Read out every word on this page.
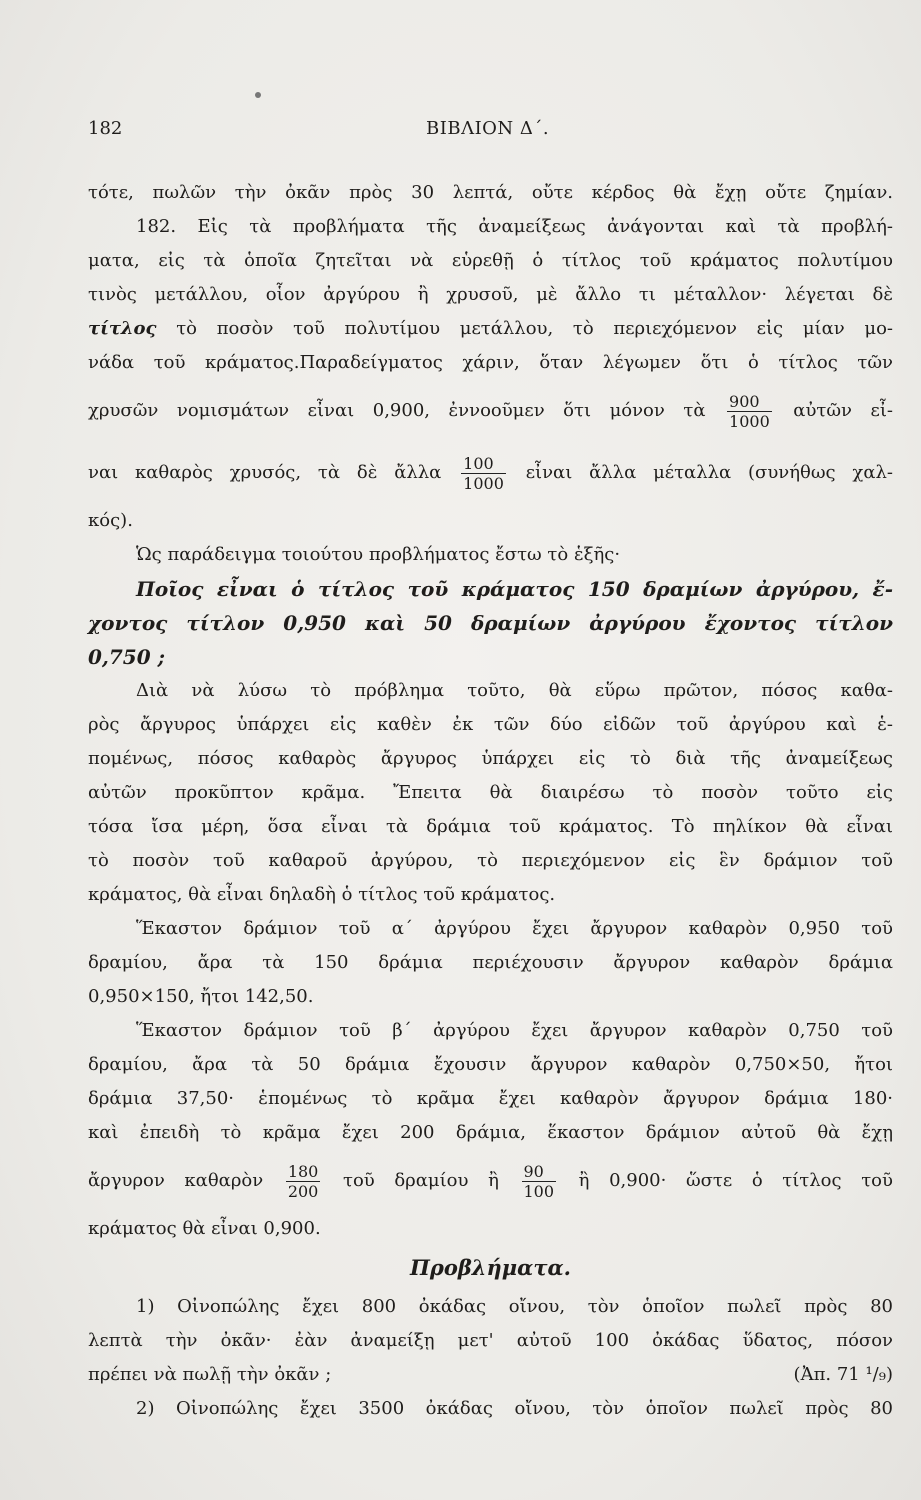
182	ΒΙΒΛΙΟΝ Δ΄.
τότε, πωλῶν τὴν ὀκᾶν πρὸς 30 λεπτά, οὔτε κέρδος θὰ ἔχῃ οὔτε ζημίαν.
182. Εἰς τὰ προβλήματα τῆς ἀναμείξεως ἀνάγονται καὶ τὰ προβλή-
ματα, εἰς τὰ ὁποῖα ζητεῖται νὰ εὑρεθῇ ὁ τίτλος τοῦ κράματος πολυτίμου
τινὸς μετάλλου, οἷον ἀργύρου ἢ χρυσοῦ, μὲ ἄλλο τι μέταλλον· λέγεται δὲ
τίτλος τὸ ποσὸν τοῦ πολυτίμου μετάλλου, τὸ περιεχόμενον εἰς μίαν μο-
νάδα τοῦ κράματος.Παραδείγματος χάριν, ὅταν λέγωμεν ὅτι ὁ τίτλος τῶν
χρυσῶν νομισμάτων εἶναι 0,900, ἐννοοῦμεν ὅτι μόνον τὰ $\frac{900}{1000}$ αὐτῶν εἶ-
ναι καθαρὸς χρυσός, τὰ δὲ ἄλλα $\frac{100}{1000}$ εἶναι ἄλλα μέταλλα (συνήθως χαλ-
κός).
Ὡς παράδειγμα τοιούτου προβλήματος ἔστω τὸ ἑξῆς·
Ποῖος εἶναι ὁ τίτλος τοῦ κράματος 150 δραμίων ἀργύρου, ἔ-
χοντος τίτλον 0,950 καὶ 50 δραμίων ἀργύρου ἔχοντος τίτλον
0,750 ;
Διὰ νὰ λύσω τὸ πρόβλημα τοῦτο, θὰ εὕρω πρῶτον, πόσος καθα-
ρὸς ἄργυρος ὑπάρχει εἰς καθὲν ἐκ τῶν δύο εἰδῶν τοῦ ἀργύρου καὶ ἑ-
πομένως, πόσος καθαρὸς ἄργυρος ὑπάρχει εἰς τὸ διὰ τῆς ἀναμείξεως
αὐτῶν προκῦπτον κρᾶμα. Ἔπειτα θὰ διαιρέσω τὸ ποσὸν τοῦτο εἰς
τόσα ἴσα μέρη, ὅσα εἶναι τὰ δράμια τοῦ κράματος. Τὸ πηλίκον θὰ εἶναι
τὸ ποσὸν τοῦ καθαροῦ ἀργύρου, τὸ περιεχόμενον εἰς ἓν δράμιον τοῦ
κράματος, θὰ εἶναι δηλαδὴ ὁ τίτλος τοῦ κράματος.
Ἕκαστον δράμιον τοῦ α΄ ἀργύρου ἔχει ἄργυρον καθαρὸν 0,950 τοῦ
δραμίου, ἄρα τὰ 150 δράμια περιέχουσιν ἄργυρον καθαρὸν δράμια
0,950×150, ἤτοι 142,50.
Ἕκαστον δράμιον τοῦ β΄ ἀργύρου ἔχει ἄργυρον καθαρὸν 0,750 τοῦ
δραμίου, ἄρα τὰ 50 δράμια ἔχουσιν ἄργυρον καθαρὸν 0,750×50, ἤτοι
δράμια 37,50· ἑπομένως τὸ κρᾶμα ἔχει καθαρὸν ἄργυρον δράμια 180·
καὶ ἐπειδὴ τὸ κρᾶμα ἔχει 200 δράμια, ἕκαστον δράμιον αὐτοῦ θὰ ἔχῃ
ἄργυρον καθαρὸν $\frac{180}{200}$ τοῦ δραμίου ἢ $\frac{90}{100}$ ἢ 0,900· ὥστε ὁ τίτλος τοῦ
κράματος θὰ εἶναι 0,900.
Προβλήματα.
1) Οἰνοπώλης ἔχει 800 ὀκάδας οἴνου, τὸν ὁποῖον πωλεῖ πρὸς 80
λεπτὰ τὴν ὀκᾶν· ἐὰν ἀναμείξῃ μετ' αὐτοῦ 100 ὀκάδας ὕδατος, πόσον
πρέπει νὰ πωλῇ τὴν ὀκᾶν ;	(Ἀπ. 71 ¹/₉)
2) Οἰνοπώλης ἔχει 3500 ὀκάδας οἴνου, τὸν ὁποῖον πωλεῖ πρὸς 80
